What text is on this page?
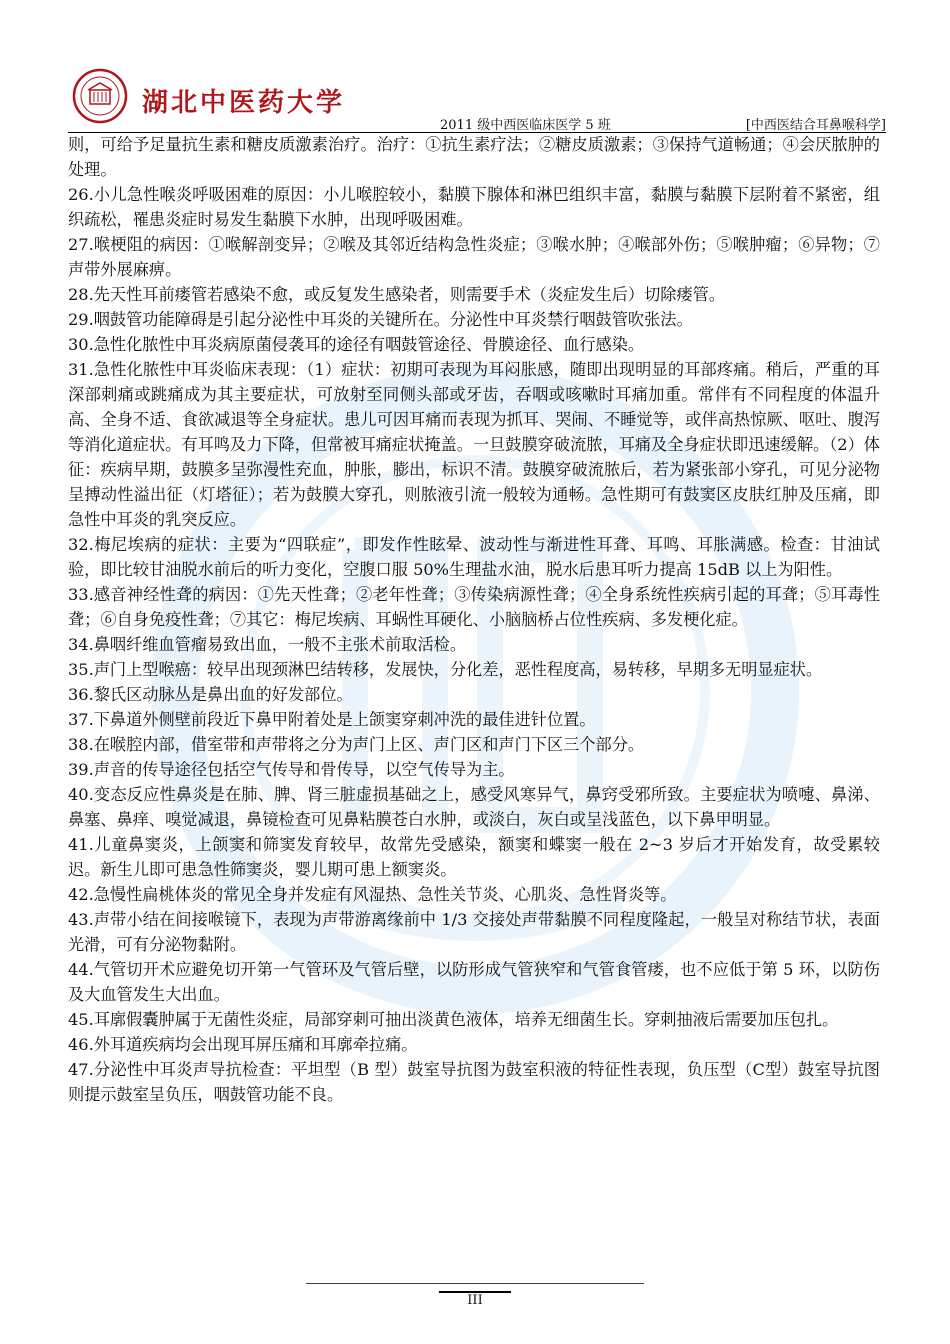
湖北中医药大学
2011 级中西医临床医学 5 班	[中西医结合耳鼻喉科学]

则，可给予足量抗生素和糖皮质激素治疗。治疗：①抗生素疗法；②糖皮质激素；③保持气道畅通；④会厌脓肿的处理。

26.小儿急性喉炎呼吸困难的原因：小儿喉腔较小，黏膜下腺体和淋巴组织丰富，黏膜与黏膜下层附着不紧密，组织疏松，罹患炎症时易发生黏膜下水肿，出现呼吸困难。

27.喉梗阻的病因：①喉解剖变异；②喉及其邻近结构急性炎症；③喉水肿；④喉部外伤；⑤喉肿瘤；⑥异物；⑦声带外展麻痹。

28.先天性耳前瘘管若感染不愈，或反复发生感染者，则需要手术（炎症发生后）切除瘘管。

29.咽鼓管功能障碍是引起分泌性中耳炎的关键所在。分泌性中耳炎禁行咽鼓管吹张法。

30.急性化脓性中耳炎病原菌侵袭耳的途径有咽鼓管途径、骨膜途径、血行感染。

31.急性化脓性中耳炎临床表现：（1）症状：初期可表现为耳闷胀感，随即出现明显的耳部疼痛。稍后，严重的耳深部刺痛或跳痛成为其主要症状，可放射至同侧头部或牙齿，吞咽或咳嗽时耳痛加重。常伴有不同程度的体温升高、全身不适、食欲减退等全身症状。患儿可因耳痛而表现为抓耳、哭闹、不睡觉等，或伴高热惊厥、呕吐、腹泻等消化道症状。有耳鸣及力下降，但常被耳痛症状掩盖。一旦鼓膜穿破流脓，耳痛及全身症状即迅速缓解。（2）体征：疾病早期，鼓膜多呈弥漫性充血，肿胀，膨出，标识不清。鼓膜穿破流脓后，若为紧张部小穿孔，可见分泌物呈搏动性溢出征（灯塔征）；若为鼓膜大穿孔，则脓液引流一般较为通畅。急性期可有鼓窦区皮肤红肿及压痛，即急性中耳炎的乳突反应。

32.梅尼埃病的症状：主要为“四联症”，即发作性眩晕、波动性与渐进性耳聋、耳鸣、耳胀满感。检查：甘油试验，即比较甘油脱水前后的听力变化，空腹口服 50%生理盐水油，脱水后患耳听力提高 15dB 以上为阳性。

33.感音神经性聋的病因：①先天性聋；②老年性聋；③传染病源性聋；④全身系统性疾病引起的耳聋；⑤耳毒性聋；⑥自身免疫性聋；⑦其它：梅尼埃病、耳蜗性耳硬化、小脑脑桥占位性疾病、多发梗化症。

34.鼻咽纤维血管瘤易致出血，一般不主张术前取活检。

35.声门上型喉癌：较早出现颈淋巴结转移，发展快，分化差，恶性程度高，易转移，早期多无明显症状。

36.黎氏区动脉丛是鼻出血的好发部位。

37.下鼻道外侧壁前段近下鼻甲附着处是上颌窦穿刺冲洗的最佳进针位置。

38.在喉腔内部，借室带和声带将之分为声门上区、声门区和声门下区三个部分。

39.声音的传导途径包括空气传导和骨传导，以空气传导为主。

40.变态反应性鼻炎是在肺、脾、肾三脏虚损基础之上，感受风寒异气，鼻窍受邪所致。主要症状为喷嚏、鼻涕、鼻塞、鼻痒、嗅觉减退，鼻镜检查可见鼻粘膜苍白水肿，或淡白，灰白或呈浅蓝色，以下鼻甲明显。

41.儿童鼻窦炎，上颌窦和筛窦发育较早，故常先受感染，额窦和蝶窦一般在 2~3 岁后才开始发育，故受累较迟。新生儿即可患急性筛窦炎，婴儿期可患上额窦炎。

42.急慢性扁桃体炎的常见全身并发症有风湿热、急性关节炎、心肌炎、急性肾炎等。

43.声带小结在间接喉镜下，表现为声带游离缘前中 1/3 交接处声带黏膜不同程度隆起，一般呈对称结节状，表面光滑，可有分泌物黏附。

44.气管切开术应避免切开第一气管环及气管后壁，以防形成气管狭窄和气管食管瘘，也不应低于第 5 环，以防伤及大血管发生大出血。

45.耳廓假囊肿属于无菌性炎症，局部穿刺可抽出淡黄色液体，培养无细菌生长。穿刺抽液后需要加压包扎。

46.外耳道疾病均会出现耳屏压痛和耳廓牵拉痛。

47.分泌性中耳炎声导抗检查：平坦型（B 型）鼓室导抗图为鼓室积液的特征性表现，负压型（C型）鼓室导抗图则提示鼓室呈负压，咽鼓管功能不良。

III
